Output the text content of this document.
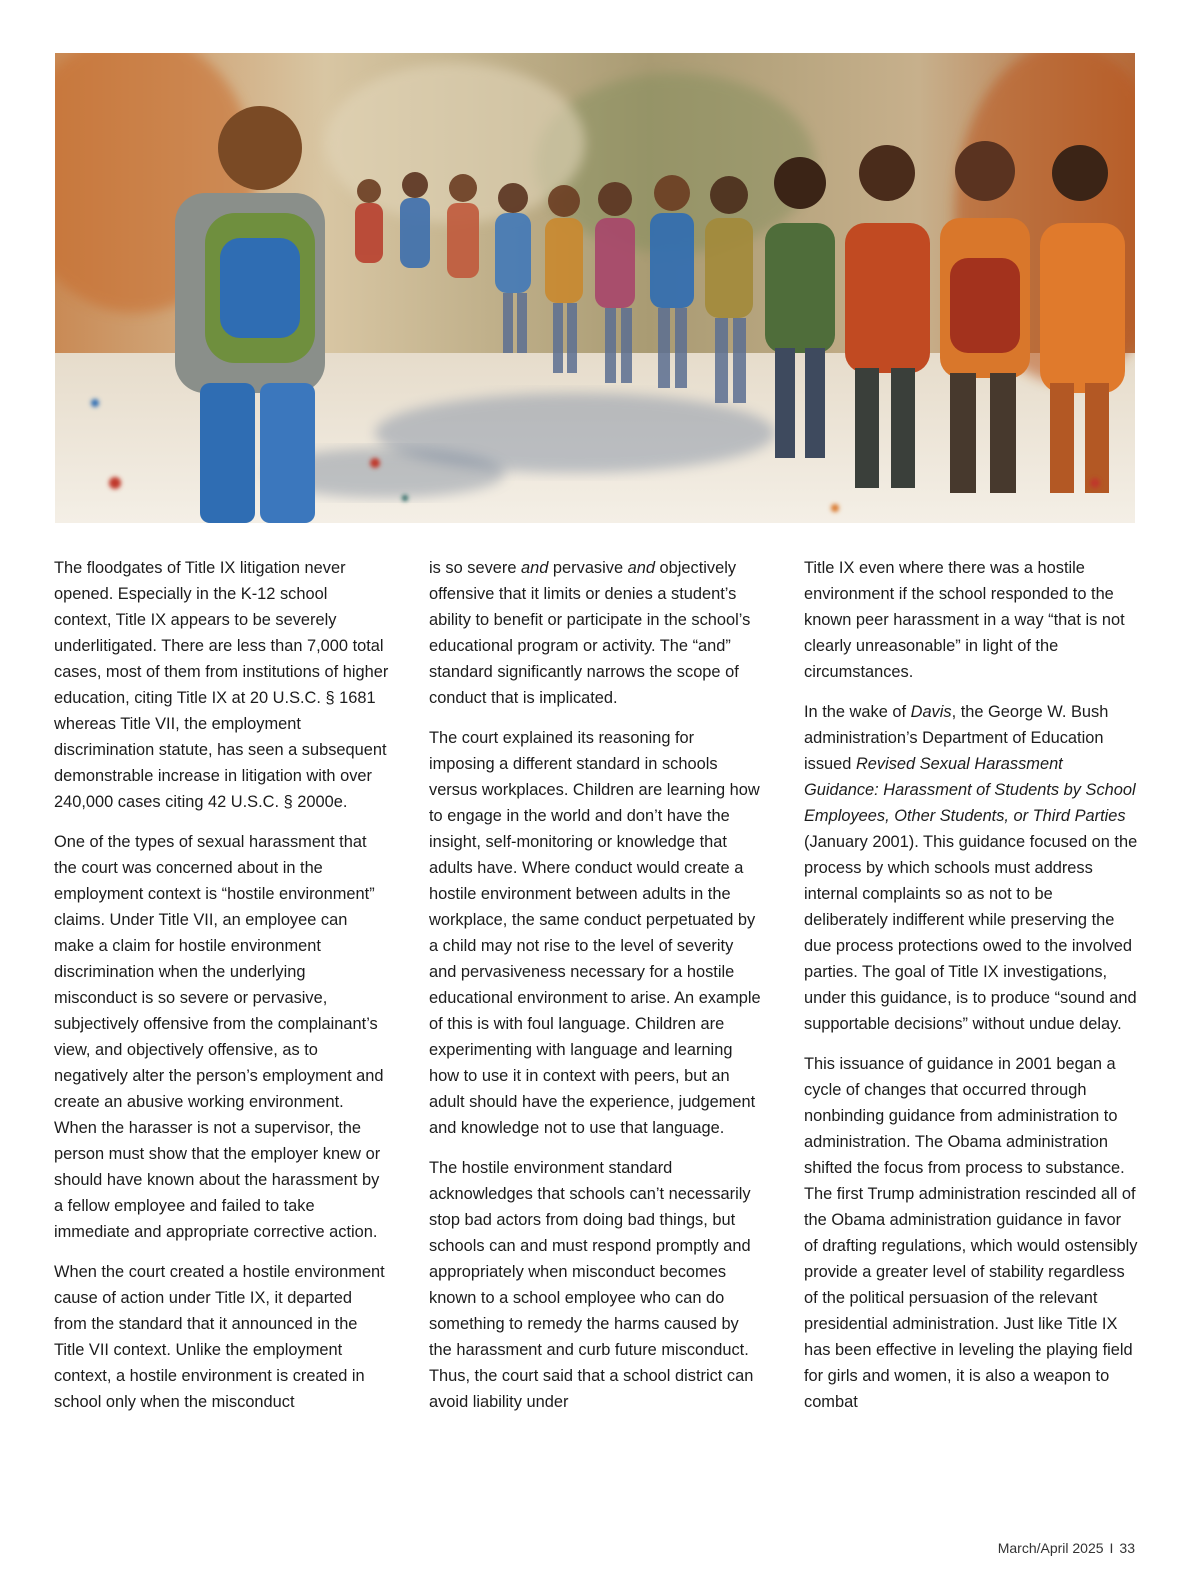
The floodgates of Title IX litigation never opened. Especially in the K-12 school context, Title IX appears to be severely underlitigated. There are less than 7,000 total cases, most of them from institutions of higher education, citing Title IX at 20 U.S.C. § 1681 whereas Title VII, the employment discrimination statute, has seen a subsequent demonstrable increase in litigation with over 240,000 cases citing 42 U.S.C. § 2000e.

One of the types of sexual harassment that the court was concerned about in the employment context is “hostile environment” claims. Under Title VII, an employee can make a claim for hostile environment discrimination when the underlying misconduct is so severe or pervasive, subjectively offensive from the complainant’s view, and objectively offensive, as to negatively alter the person’s employment and create an abusive working environment. When the harasser is not a supervisor, the person must show that the employer knew or should have known about the harassment by a fellow employee and failed to take immediate and appropriate corrective action.

When the court created a hostile environment cause of action under Title IX, it departed from the standard that it announced in the Title VII context. Unlike the employment context, a hostile environment is created in school only when the misconduct

is so severe and pervasive and objectively offensive that it limits or denies a student’s ability to benefit or participate in the school’s educational program or activity. The “and” standard significantly narrows the scope of conduct that is implicated.

The court explained its reasoning for imposing a different standard in schools versus workplaces. Children are learning how to engage in the world and don’t have the insight, self-monitoring or knowledge that adults have. Where conduct would create a hostile environment between adults in the workplace, the same conduct perpetuated by a child may not rise to the level of severity and pervasiveness necessary for a hostile educational environment to arise. An example of this is with foul language. Children are experimenting with language and learning how to use it in context with peers, but an adult should have the experience, judgement and knowledge not to use that language.

The hostile environment standard acknowledges that schools can’t necessarily stop bad actors from doing bad things, but schools can and must respond promptly and appropriately when misconduct becomes known to a school employee who can do something to remedy the harms caused by the harassment and curb future misconduct. Thus, the court said that a school district can avoid liability under

Title IX even where there was a hostile environment if the school responded to the known peer harassment in a way “that is not clearly unreasonable” in light of the circumstances.

In the wake of Davis, the George W. Bush administration’s Department of Education issued Revised Sexual Harassment Guidance: Harassment of Students by School Employees, Other Students, or Third Parties (January 2001). This guidance focused on the process by which schools must address internal complaints so as not to be deliberately indifferent while preserving the due process protections owed to the involved parties. The goal of Title IX investigations, under this guidance, is to produce “sound and supportable decisions” without undue delay.

This issuance of guidance in 2001 began a cycle of changes that occurred through nonbinding guidance from administration to administration. The Obama administration shifted the focus from process to substance. The first Trump administration rescinded all of the Obama administration guidance in favor of drafting regulations, which would ostensibly provide a greater level of stability regardless of the political persuasion of the relevant presidential administration. Just like Title IX has been effective in leveling the playing field for girls and women, it is also a weapon to combat

March/April 2025 I 33
